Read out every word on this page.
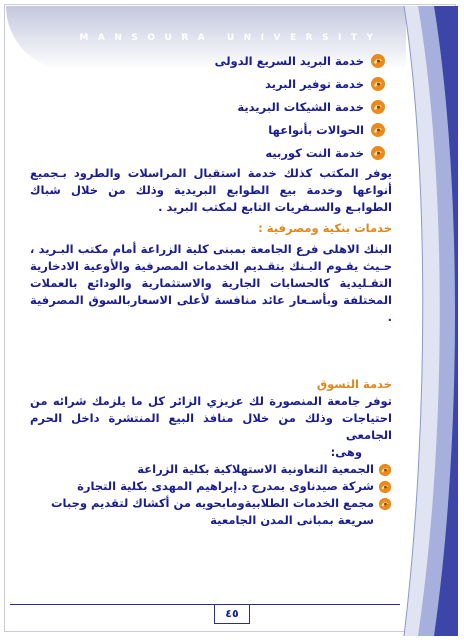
MANSOURA UNIVERSITY
خدمة البريد السريع الدولى
خدمة توفير البريد
خدمة الشيكات البريدية
الحوالات بأنواعها
خدمة النت كوربيه

يوفر المكتب كذلك خدمة استقبال المراسلات والطرود بـجميع أنواعها وخدمة بيع الطوابع البريدية وذلك من خلال شباك الطوابـع والسـفريات التابع لمكتب البريد .

خدمات بنكية ومصرفية :

البنك الاهلى فرع الجامعة بمبنى كلية الزراعة أمام مكتب البـريد ، حـيث يقـوم البـنك بتقـديم الخدمات المصرفية والأوعية الادخارية التقـليدية كالحسابات الجارية والاستثمارية والودائع بالعملات المختلفة وبأسـعار عائد منافسة لأعلى الاسعاربالسوق المصرفية .

خدمة التسوق

توفر جامعة المنصورة لك عزيزي الزائر كل ما يلزمك شرائه من احتياجات وذلك من خلال منافذ البيع المنتشرة داخل الحرم الجامعى

وهى:

الجمعية التعاونية الاستهلاكية بكلية الزراعة
شركة صيدناوى بمدرج د.إبراهيم المهدى بكلية التجارة
مجمع الخدمات الطلابيةومابحويه من أكشاك لتقديم وجبات سريعة بمبانى المدن الجامعية
٤٥
